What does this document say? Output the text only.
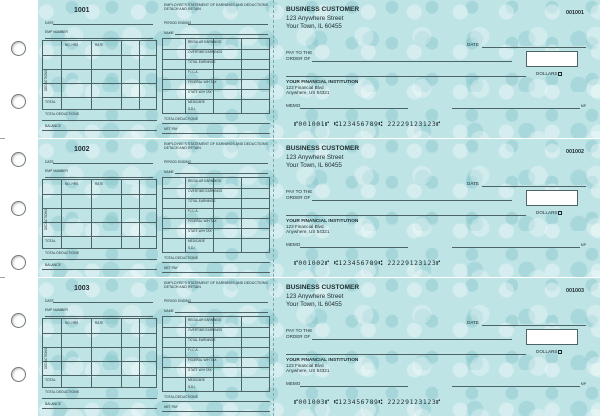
1001
EMPLOYEE'S STATEMENT OF EARNINGS AND DEDUCTIONS DETACH AND RETAIN
DATE	PERIOD ENDING
EMP NUMBER	NAME
DEDUCTIONS
NO. HRS	RATE
TOTAL
TOTAL DEDUCTIONS
BALANCE
REGULAR EARNINGS
OVERTIME EARNINGS
TOTAL EARNINGS
F.I.C.A.
FEDERAL W/H TAX
STATE W/H TAX
MEDICARE
S.D.I.
TOTAL DEDUCTIONS
NET PAY
BUSINESS CUSTOMER
123 Anywhere Street
Your Town, IL 60455
001001
DATE
PAY TO THE
ORDER OF
DOLLARS
YOUR FINANCIAL INSTITUTION
123 Financial Blvd
Anywhere, US 54321
MEMO	MP
⑈001001⑈ ⑆123456789⑆ 22229123123⑈
1002
EMPLOYEE'S STATEMENT OF EARNINGS AND DEDUCTIONS DETACH AND RETAIN
DATE	PERIOD ENDING
EMP NUMBER	NAME
DEDUCTIONS
NO. HRS	RATE
TOTAL
TOTAL DEDUCTIONS
BALANCE
REGULAR EARNINGS
OVERTIME EARNINGS
TOTAL EARNINGS
F.I.C.A.
FEDERAL W/H TAX
STATE W/H TAX
MEDICARE
S.D.I.
TOTAL DEDUCTIONS
NET PAY
BUSINESS CUSTOMER
123 Anywhere Street
Your Town, IL 60455
001002
DATE
PAY TO THE
ORDER OF
DOLLARS
YOUR FINANCIAL INSTITUTION
123 Financial Blvd
Anywhere, US 54321
MEMO	MP
⑈001002⑈ ⑆123456789⑆ 22229123123⑈
1003
EMPLOYEE'S STATEMENT OF EARNINGS AND DEDUCTIONS DETACH AND RETAIN
DATE	PERIOD ENDING
EMP NUMBER	NAME
DEDUCTIONS
NO. HRS	RATE
TOTAL
TOTAL DEDUCTIONS
BALANCE
REGULAR EARNINGS
OVERTIME EARNINGS
TOTAL EARNINGS
F.I.C.A.
FEDERAL W/H TAX
STATE W/H TAX
MEDICARE
S.D.I.
TOTAL DEDUCTIONS
NET PAY
BUSINESS CUSTOMER
123 Anywhere Street
Your Town, IL 60455
001003
DATE
PAY TO THE
ORDER OF
DOLLARS
YOUR FINANCIAL INSTITUTION
123 Financial Blvd
Anywhere, US 54321
MEMO	MP
⑈001003⑈ ⑆123456789⑆ 22229123123⑈
